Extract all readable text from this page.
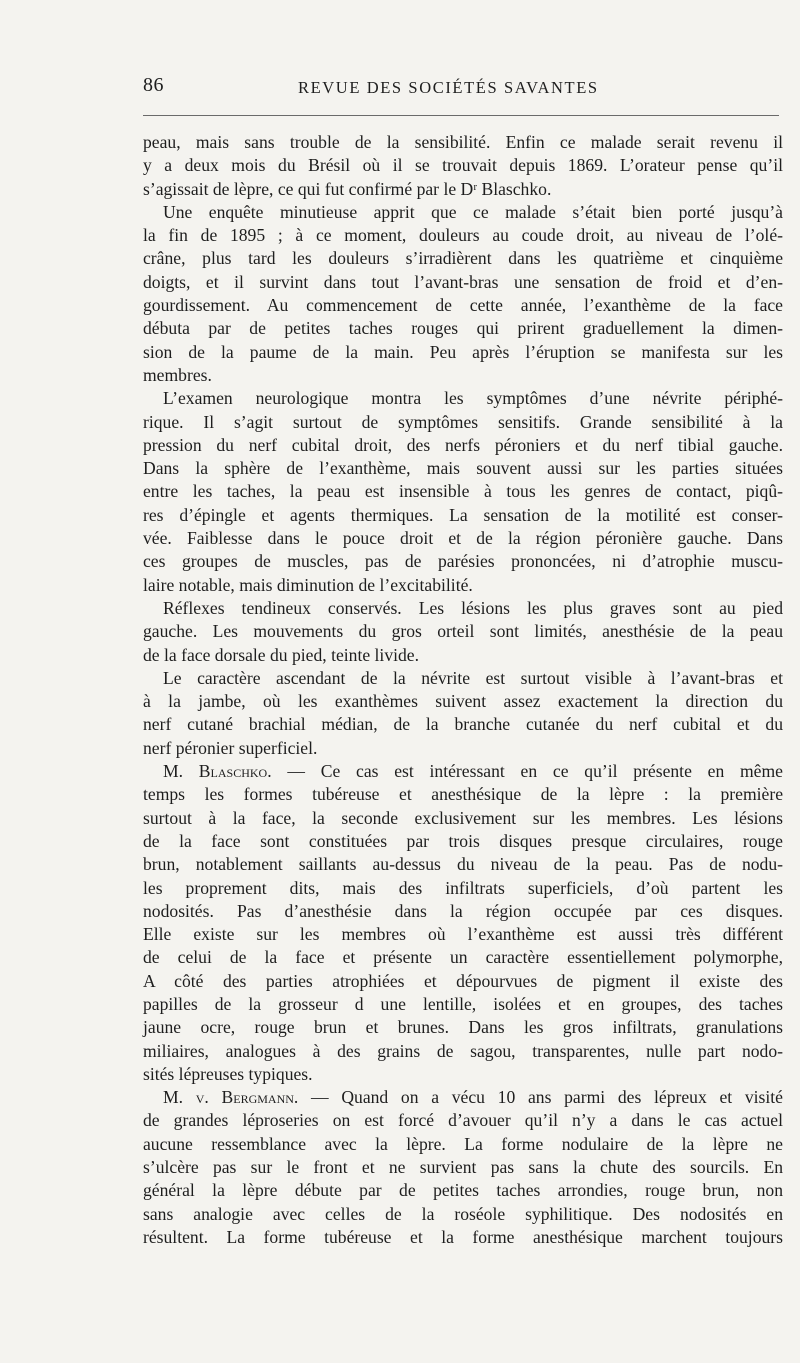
86	REVUE DES SOCIÉTÉS SAVANTES
peau, mais sans trouble de la sensibilité. Enfin ce malade serait revenu il
y a deux mois du Brésil où il se trouvait depuis 1869. L’orateur pense qu’il
s’agissait de lèpre, ce qui fut confirmé par le Dʳ Blaschko.
Une enquête minutieuse apprit que ce malade s’était bien porté jusqu’à
la fin de 1895 ; à ce moment, douleurs au coude droit, au niveau de l’olé-
crâne, plus tard les douleurs s’irradièrent dans les quatrième et cinquième
doigts, et il survint dans tout l’avant-bras une sensation de froid et d’en-
gourdissement. Au commencement de cette année, l’exanthème de la face
débuta par de petites taches rouges qui prirent graduellement la dimen-
sion de la paume de la main. Peu après l’éruption se manifesta sur les
membres.
L’examen neurologique montra les symptômes d’une névrite périphé-
rique. Il s’agit surtout de symptômes sensitifs. Grande sensibilité à la
pression du nerf cubital droit, des nerfs péroniers et du nerf tibial gauche.
Dans la sphère de l’exanthème, mais souvent aussi sur les parties situées
entre les taches, la peau est insensible à tous les genres de contact, piqû-
res d’épingle et agents thermiques. La sensation de la motilité est conser-
vée. Faiblesse dans le pouce droit et de la région péronière gauche. Dans
ces groupes de muscles, pas de parésies prononcées, ni d’atrophie muscu-
laire notable, mais diminution de l’excitabilité.
Réflexes tendineux conservés. Les lésions les plus graves sont au pied
gauche. Les mouvements du gros orteil sont limités, anesthésie de la peau
de la face dorsale du pied, teinte livide.
Le caractère ascendant de la névrite est surtout visible à l’avant-bras et
à la jambe, où les exanthèmes suivent assez exactement la direction du
nerf cutané brachial médian, de la branche cutanée du nerf cubital et du
nerf péronier superficiel.
M. Blaschko. — Ce cas est intéressant en ce qu’il présente en même
temps les formes tubéreuse et anesthésique de la lèpre : la première
surtout à la face, la seconde exclusivement sur les membres. Les lésions
de la face sont constituées par trois disques presque circulaires, rouge
brun, notablement saillants au-dessus du niveau de la peau. Pas de nodu-
les proprement dits, mais des infiltrats superficiels, d’où partent les
nodosités. Pas d’anesthésie dans la région occupée par ces disques.
Elle existe sur les membres où l’exanthème est aussi très différent
de celui de la face et présente un caractère essentiellement polymorphe,
A côté des parties atrophiées et dépourvues de pigment il existe des
papilles de la grosseur d une lentille, isolées et en groupes, des taches
jaune ocre, rouge brun et brunes. Dans les gros infiltrats, granulations
miliaires, analogues à des grains de sagou, transparentes, nulle part nodo-
sités lépreuses typiques.
M. v. Bergmann. — Quand on a vécu 10 ans parmi des lépreux et visité
de grandes léproseries on est forcé d’avouer qu’il n’y a dans le cas actuel
aucune ressemblance avec la lèpre. La forme nodulaire de la lèpre ne
s’ulcère pas sur le front et ne survient pas sans la chute des sourcils. En
général la lèpre débute par de petites taches arrondies, rouge brun, non
sans analogie avec celles de la roséole syphilitique. Des nodosités en
résultent. La forme tubéreuse et la forme anesthésique marchent toujours
